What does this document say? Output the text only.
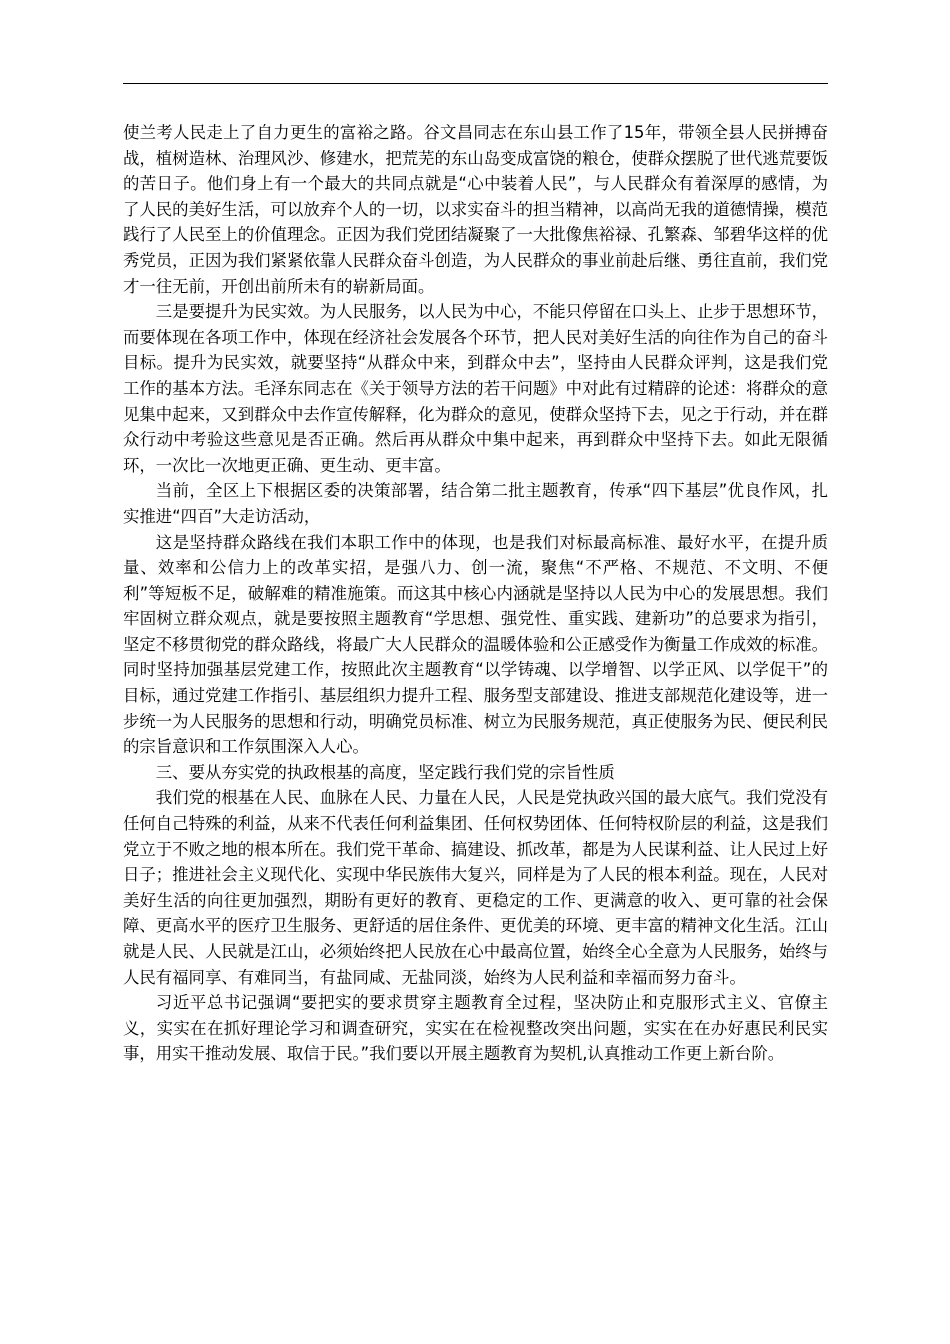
使兰考人民走上了自力更生的富裕之路。谷文昌同志在东山县工作了15年，带领全县人民拼搏奋战，植树造林、治理风沙、修建水，把荒芜的东山岛变成富饶的粮仓，使群众摆脱了世代逃荒要饭的苦日子。他们身上有一个最大的共同点就是“心中装着人民”，与人民群众有着深厚的感情，为了人民的美好生活，可以放弃个人的一切，以求实奋斗的担当精神，以高尚无我的道德情操，模范践行了人民至上的价值理念。正因为我们党团结凝聚了一大批像焦裕禄、孔繁森、邹碧华这样的优秀党员，正因为我们紧紧依靠人民群众奋斗创造，为人民群众的事业前赴后继、勇往直前，我们党才一往无前，开创出前所未有的崭新局面。

三是要提升为民实效。为人民服务，以人民为中心，不能只停留在口头上、止步于思想环节，而要体现在各项工作中，体现在经济社会发展各个环节，把人民对美好生活的向往作为自己的奋斗目标。提升为民实效，就要坚持“从群众中来，到群众中去”，坚持由人民群众评判，这是我们党工作的基本方法。毛泽东同志在《关于领导方法的若干问题》中对此有过精辟的论述：将群众的意见集中起来，又到群众中去作宣传解释，化为群众的意见，使群众坚持下去，见之于行动，并在群众行动中考验这些意见是否正确。然后再从群众中集中起来，再到群众中坚持下去。如此无限循环，一次比一次地更正确、更生动、更丰富。

当前，全区上下根据区委的决策部署，结合第二批主题教育，传承“四下基层”优良作风，扎实推进“四百”大走访活动，

这是坚持群众路线在我们本职工作中的体现，也是我们对标最高标准、最好水平，在提升质量、效率和公信力上的改革实招，是强八力、创一流，聚焦“不严格、不规范、不文明、不便利”等短板不足，破解难的精准施策。而这其中核心内涵就是坚持以人民为中心的发展思想。我们牢固树立群众观点，就是要按照主题教育“学思想、强党性、重实践、建新功”的总要求为指引，坚定不移贯彻党的群众路线，将最广大人民群众的温暖体验和公正感受作为衡量工作成效的标准。同时坚持加强基层党建工作，按照此次主题教育“以学铸魂、以学增智、以学正风、以学促干”的目标，通过党建工作指引、基层组织力提升工程、服务型支部建设、推进支部规范化建设等，进一步统一为人民服务的思想和行动，明确党员标准、树立为民服务规范，真正使服务为民、便民利民的宗旨意识和工作氛围深入人心。

三、要从夯实党的执政根基的高度，坚定践行我们党的宗旨性质

我们党的根基在人民、血脉在人民、力量在人民，人民是党执政兴国的最大底气。我们党没有任何自己特殊的利益，从来不代表任何利益集团、任何权势团体、任何特权阶层的利益，这是我们党立于不败之地的根本所在。我们党干革命、搞建设、抓改革，都是为人民谋利益、让人民过上好日子；推进社会主义现代化、实现中华民族伟大复兴，同样是为了人民的根本利益。现在，人民对美好生活的向往更加强烈，期盼有更好的教育、更稳定的工作、更满意的收入、更可靠的社会保障、更高水平的医疗卫生服务、更舒适的居住条件、更优美的环境、更丰富的精神文化生活。江山就是人民、人民就是江山，必须始终把人民放在心中最高位置，始终全心全意为人民服务，始终与人民有福同享、有难同当，有盐同咸、无盐同淡，始终为人民利益和幸福而努力奋斗。

习近平总书记强调“要把实的要求贯穿主题教育全过程，坚决防止和克服形式主义、官僚主义，实实在在抓好理论学习和调查研究，实实在在检视整改突出问题，实实在在办好惠民利民实事，用实干推动发展、取信于民。”我们要以开展主题教育为契机,认真推动工作更上新台阶。
